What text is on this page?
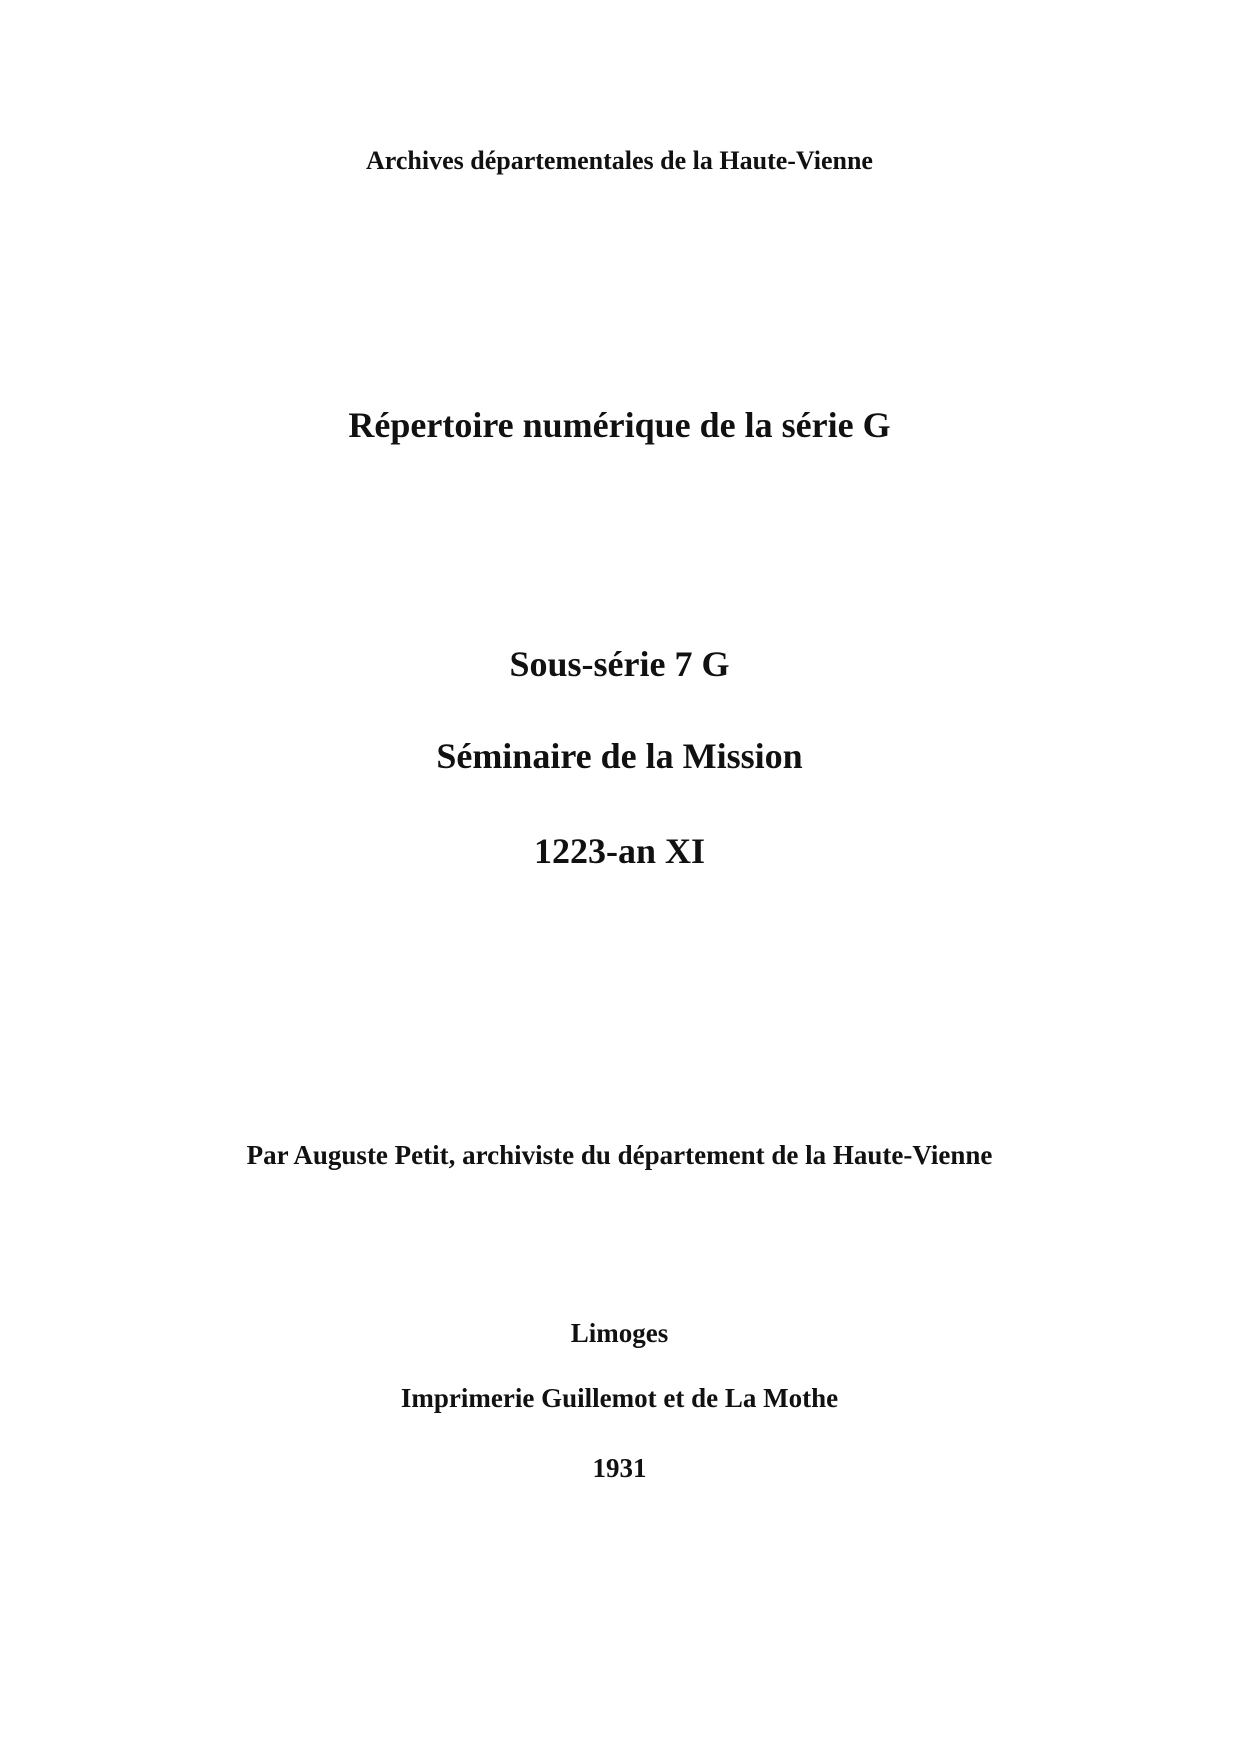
Archives départementales de la Haute-Vienne
Répertoire numérique de la série G
Sous-série 7 G
Séminaire de la Mission
1223-an XI
Par Auguste Petit, archiviste du département de la Haute-Vienne
Limoges
Imprimerie Guillemot et de La Mothe
1931
